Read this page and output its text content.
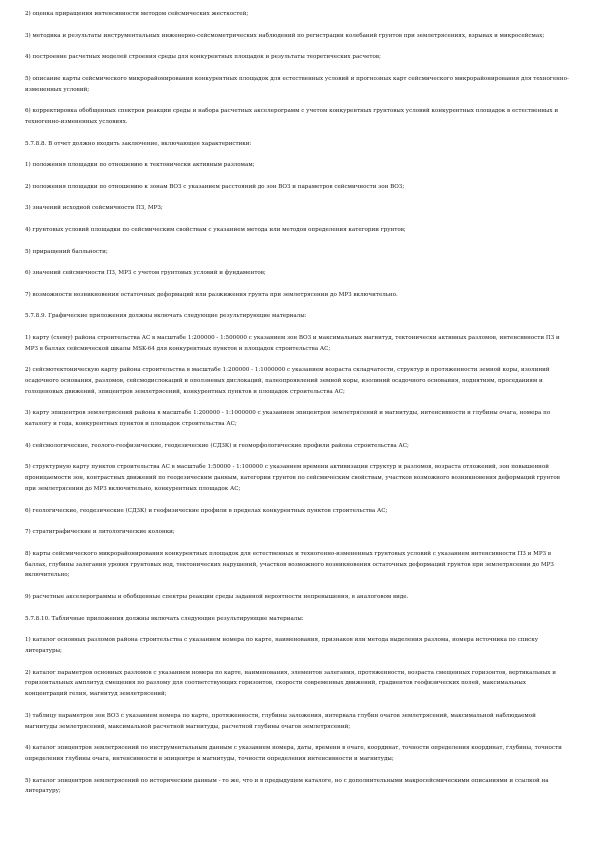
2) оценка приращения интенсивности методом сейсмических жесткостей;

3) методика и результаты инструментальных инженерно-сейсмометрических наблюдений по регистрации колебаний грунтов при землетрясениях, взрывах и микросейсмах;

4) построение расчетных моделей строения среды для конкурентных площадок и результаты теоретических расчетов;

5) описание карты сейсмического микрорайонирования конкурентных площадок для естественных условий и прогнозных карт сейсмического микрорайонирования для техногенно-измененных условий;

6) корректировка обобщенных спектров реакции среды и набора расчетных акселерограмм с учетом конкурентных грунтовых условий конкурентных площадок в естественных и техногенно-измененных условиях.

5.7.8.8. В отчет должно входить заключение, включающее характеристики:

1) положения площадки по отношению к тектонически активным разломам;

2) положения площадки по отношению к зонам ВОЗ с указанием расстояний до зон ВОЗ и параметров сейсмичности зон ВОЗ;

3) значений исходной сейсмичности ПЗ, МРЗ;

4) грунтовых условий площадки по сейсмическим свойствам с указанием метода или методов определения категории грунтов;

5) приращений балльности;

6) значений сейсмичности ПЗ, МРЗ с учетом грунтовых условий и фундаментов;

7) возможности возникновения остаточных деформаций или разжижения грунта при землетрясении до МРЗ включительно.

5.7.8.9. Графические приложения должны включать следующие результирующие материалы:

1) карту (схему) района строительства АС в масштабе 1:200000 - 1:500000 с указанием зон ВОЗ и максимальных магнитуд, тектонически активных разломов, интенсивности ПЗ и МРЗ в баллах сейсмической шкалы MSK-64 для конкурентных пунктов и площадок строительства АС;

2) сейсмотектоническую карту района строительства в масштабе 1:200000 - 1:1000000 с указанием возраста складчатости, структур и протяженности земной коры, изолиний осадочного основания, разломов, сейсмодислокаций и оползневых дислокаций, палеопроявлений земной коры, изолиний осадочного основания, поднятиям, проседаниям и голоценовых движений, эпицентров землетрясений, конкурентных пунктов и площадок строительства АС;

3) карту эпицентров землетрясений района в масштабе 1:200000 - 1:1000000 с указанием эпицентров землетрясений и магнитуды, интенсивности и глубины очага, номера по каталогу и года, конкурентных пунктов и площадок строительства АС;

4) сейсмологические, геолого-геофизические, геодезические (СДЗК) и геоморфологические профили района строительства АС;

5) структурную карту пунктов строительства АС в масштабе 1:50000 - 1:100000 с указанием времени активизации структур и разломов, возраста отложений, зон повышенной проницаемости зон, контрастных движений по геодезическим данным, категории грунтов по сейсмическим свойствам, участков возможного возникновения деформаций грунтов при землетрясении до МРЗ включительно, конкурентных площадок АС;

6) геологические, геодезические (СДЗК) и геофизические профили в пределах конкурентных пунктов строительства АС;

7) стратиграфические и литологические колонки;

8) карты сейсмического микрорайонирования конкурентных площадок для естественных и техногенно-измененных грунтовых условий с указанием интенсивности ПЗ и МРЗ в баллах, глубины залегания уровня грунтовых вод, тектонических нарушений, участков возможного возникновения остаточных деформаций грунтов при землетрясении до МРЗ включительно;

9) расчетные акселерограммы и обобщенные спектры реакции среды заданной вероятности непревышения, в аналоговом виде.

5.7.8.10. Табличные приложения должны включать следующие результирующие материалы:

1) каталог основных разломов района строительства с указанием номера по карте, наименования, признаков или метода выделения разлома, номера источника по списку литературы;

2) каталог параметров основных разломов с указанием номера по карте, наименования, элементов залегания, протяженности, возраста смещенных горизонтов, вертикальных и горизонтальных амплитуд смещения по разлому для соответствующих горизонтов, скорости современных движений, градиентов геофизических полей, максимальных концентраций гелия, магнитуд землетрясений;

3) таблицу параметров зон ВОЗ с указанием номера по карте, протяженности, глубины заложения, интервала глубин очагов землетрясений, максимальной наблюдаемой магнитуды землетрясений, максимальной расчетной магнитуды, расчетной глубины очагов землетрясений;

4) каталог эпицентров землетрясений по инструментальным данным с указанием номера, даты, времени в очаге, координат, точности определения координат, глубины, точности определения глубины очага, интенсивности в эпицентре и магнитуды, точности определения интенсивности и магнитуды;

5) каталог эпицентров землетрясений по историческим данным - то же, что и в предыдущем каталоге, но с дополнительными макросейсмическими описаниями и ссылкой на литературу;
